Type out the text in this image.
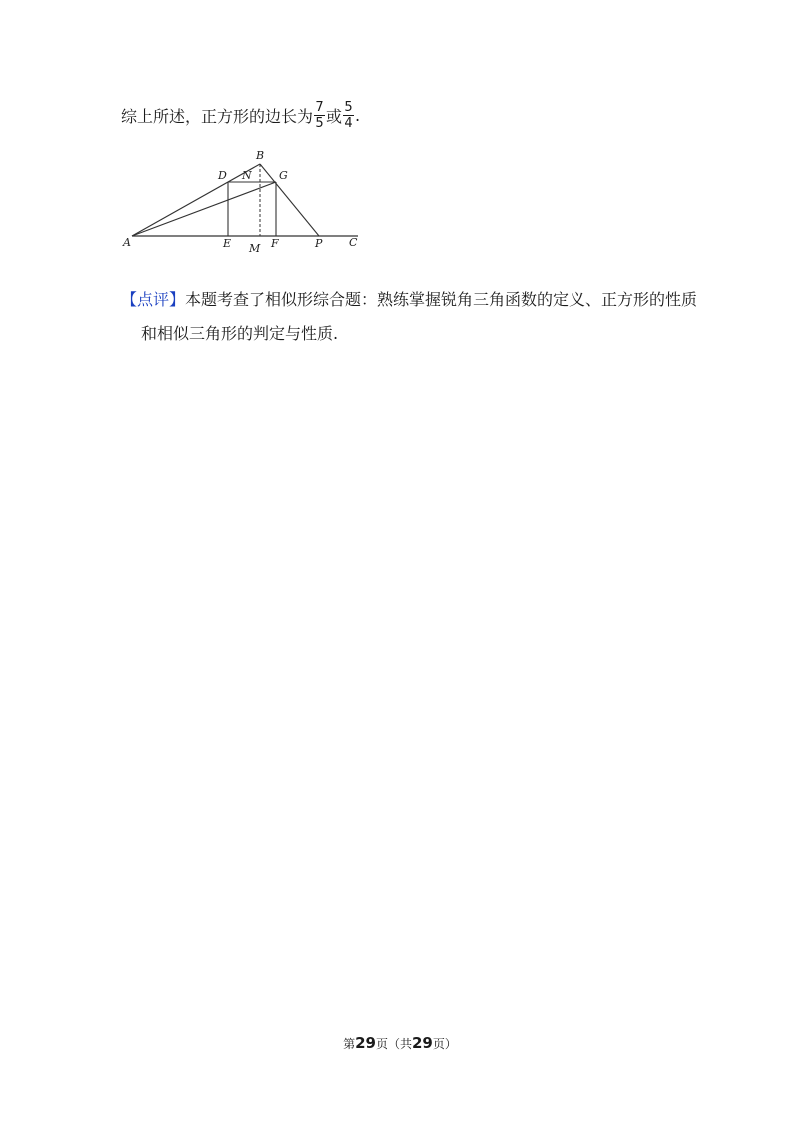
综上所述，正方形的边长为 $\frac{7}{5}$ 或 $\frac{5}{4}$ .
A
B
C
D N G
E M F	P
【点评】本题考查了相似形综合题：熟练掌握锐角三角函数的定义、正方形的性质
和相似三角形的判定与性质.
第29页（共29页）
